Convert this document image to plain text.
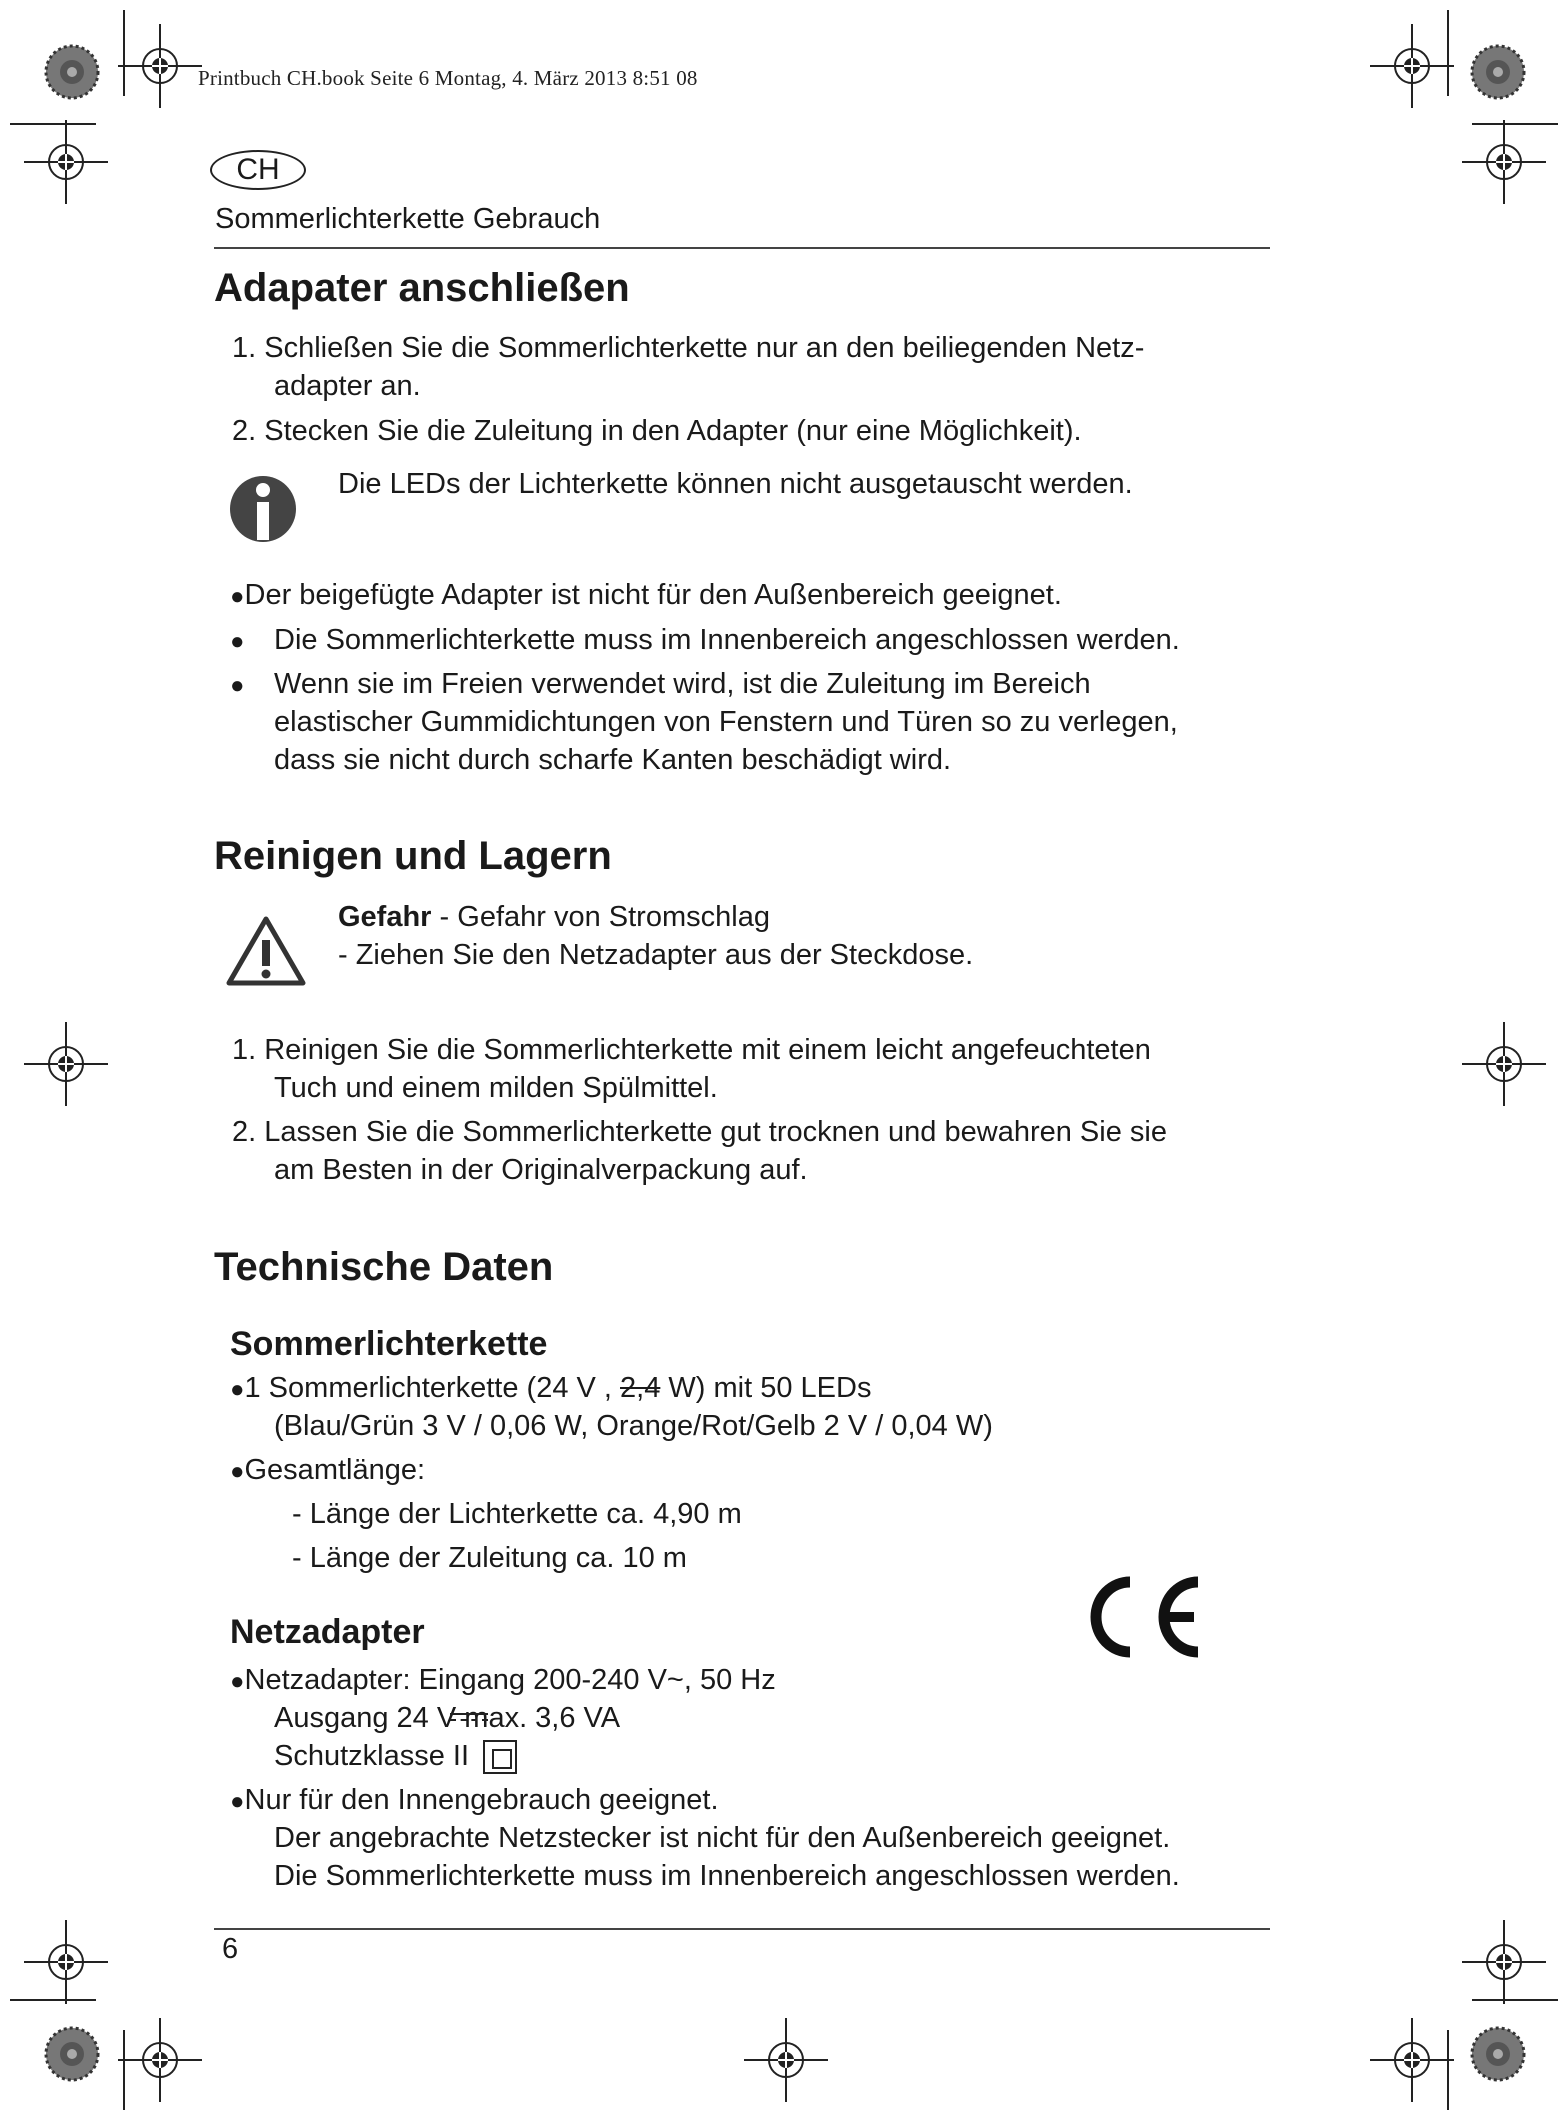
Printbuch CH.book Seite 6 Montag, 4. März 2013 8:51 08
CH
Sommerlichterkette Gebrauch
Adapater anschließen
1. Schließen Sie die Sommerlichterkette nur an den beiliegenden Netz-
adapter an.
2. Stecken Sie die Zuleitung in den Adapter (nur eine Möglichkeit).
Die LEDs der Lichterkette können nicht ausgetauscht werden.
●Der beigefügte Adapter ist nicht für den Außenbereich geeignet.
● Die Sommerlichterkette muss im Innenbereich angeschlossen werden.
● Wenn sie im Freien verwendet wird, ist die Zuleitung im Bereich
elastischer Gummidichtungen von Fenstern und Türen so zu verlegen,
dass sie nicht durch scharfe Kanten beschädigt wird.
Reinigen und Lagern
Gefahr - Gefahr von Stromschlag
- Ziehen Sie den Netzadapter aus der Steckdose.
1. Reinigen Sie die Sommerlichterkette mit einem leicht angefeuchteten
Tuch und einem milden Spülmittel.
2. Lassen Sie die Sommerlichterkette gut trocknen und bewahren Sie sie
am Besten in der Originalverpackung auf.
Technische Daten
Sommerlichterkette
●1 Sommerlichterkette (24 V , 2,4 W) mit 50 LEDs
(Blau/Grün 3 V / 0,06 W, Orange/Rot/Gelb 2 V / 0,04 W)
●Gesamtlänge:
- Länge der Lichterkette ca. 4,90 m
- Länge der Zuleitung ca. 10 m
Netzadapter
●Netzadapter: Eingang 200-240 V~, 50 Hz
Ausgang 24 V m
ax. 3,6 VA
Schutzklasse II
●Nur für den Innengebrauch geeignet.
Der angebrachte Netzstecker ist nicht für den Außenbereich geeignet.
Die Sommerlichterkette muss im Innenbereich angeschlossen werden.
6
